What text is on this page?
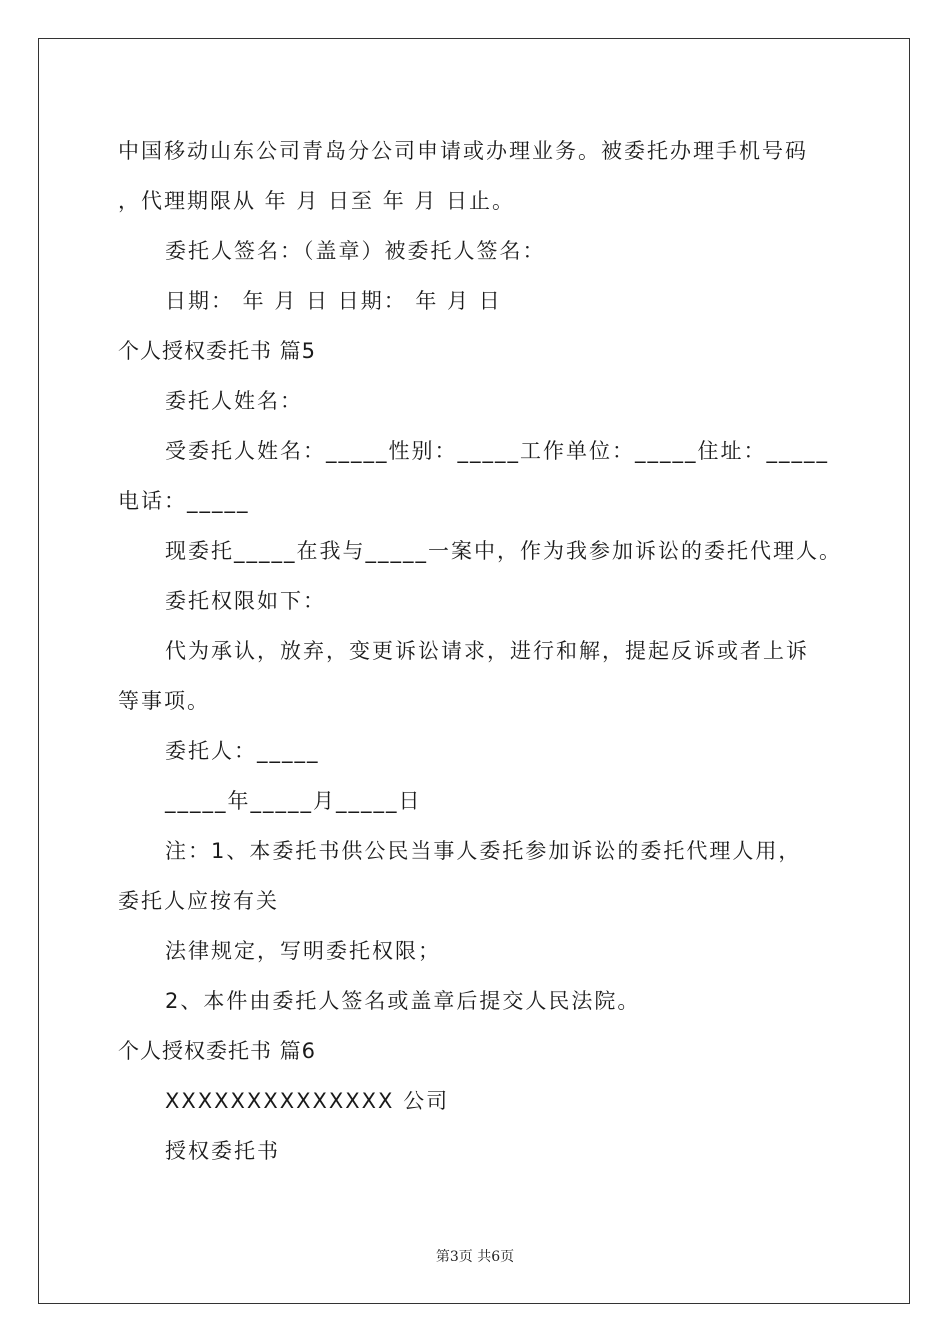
中国移动山东公司青岛分公司申请或办理业务。被委托办理手机号码
，代理期限从 年 月 日至 年 月 日止。
委托人签名：（盖章）被委托人签名：
日期： 年 月 日 日期： 年 月 日
个人授权委托书 篇5
委托人姓名：
受委托人姓名：_____性别：_____工作单位：_____住址：_____
电话：_____
现委托_____在我与_____一案中，作为我参加诉讼的委托代理人。
委托权限如下：
代为承认，放弃，变更诉讼请求，进行和解，提起反诉或者上诉
等事项。
委托人：_____
_____年_____月_____日
注：1、本委托书供公民当事人委托参加诉讼的委托代理人用，
委托人应按有关
法律规定，写明委托权限；
2、本件由委托人签名或盖章后提交人民法院。
个人授权委托书 篇6
XXXXXXXXXXXXXX 公司
授权委托书
第3页 共6页
